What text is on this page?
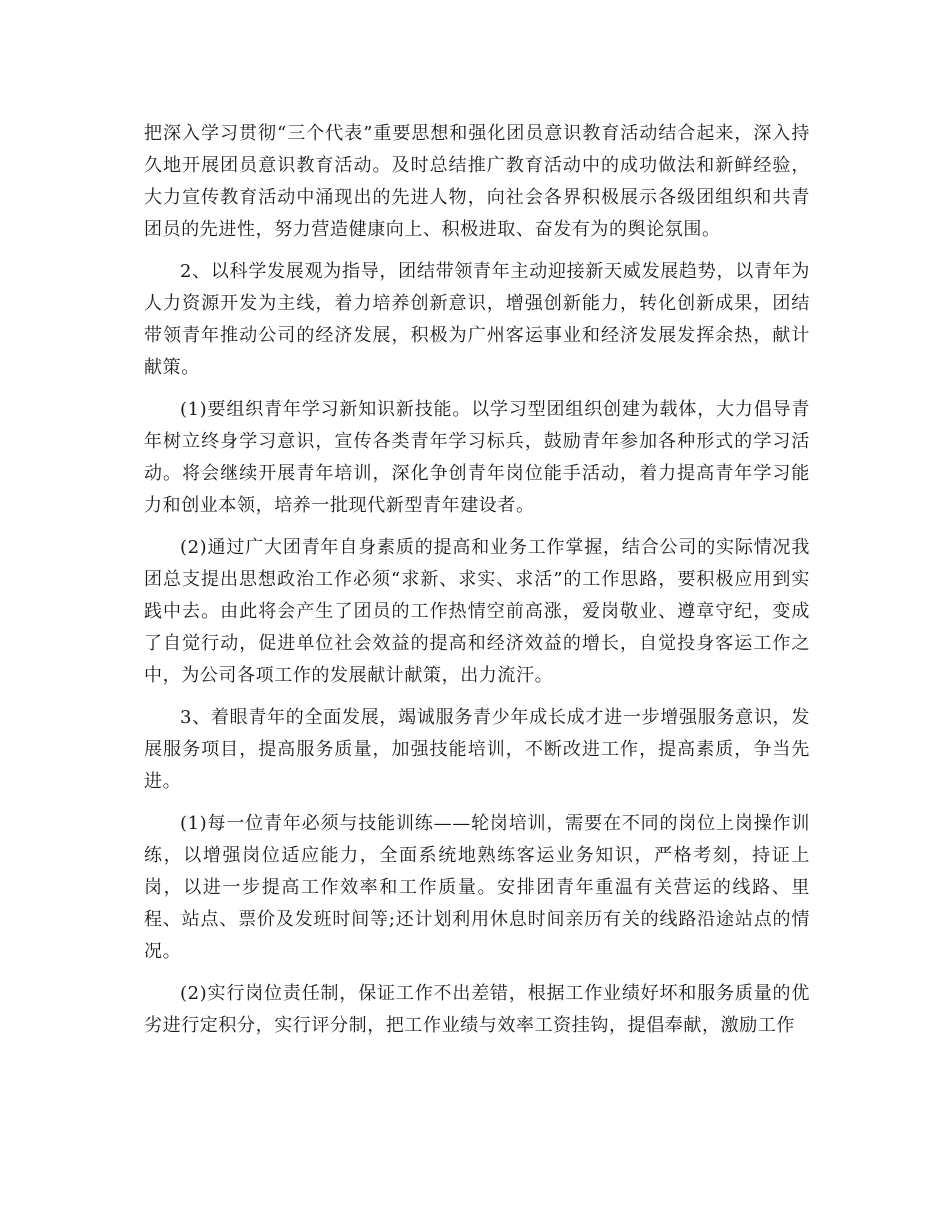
把深入学习贯彻“三个代表”重要思想和强化团员意识教育活动结合起来，深入持久地开展团员意识教育活动。及时总结推广教育活动中的成功做法和新鲜经验，大力宣传教育活动中涌现出的先进人物，向社会各界积极展示各级团组织和共青团员的先进性，努力营造健康向上、积极进取、奋发有为的舆论氛围。

2、以科学发展观为指导，团结带领青年主动迎接新天威发展趋势，以青年为人力资源开发为主线，着力培养创新意识，增强创新能力，转化创新成果，团结带领青年推动公司的经济发展，积极为广州客运事业和经济发展发挥余热，献计献策。

(1)要组织青年学习新知识新技能。以学习型团组织创建为载体，大力倡导青年树立终身学习意识，宣传各类青年学习标兵，鼓励青年参加各种形式的学习活动。将会继续开展青年培训，深化争创青年岗位能手活动，着力提高青年学习能力和创业本领，培养一批现代新型青年建设者。

(2)通过广大团青年自身素质的提高和业务工作掌握，结合公司的实际情况我团总支提出思想政治工作必须“求新、求实、求活”的工作思路，要积极应用到实践中去。由此将会产生了团员的工作热情空前高涨，爱岗敬业、遵章守纪，变成了自觉行动，促进单位社会效益的提高和经济效益的增长，自觉投身客运工作之中，为公司各项工作的发展献计献策，出力流汗。

3、着眼青年的全面发展，竭诚服务青少年成长成才进一步增强服务意识，发展服务项目，提高服务质量，加强技能培训，不断改进工作，提高素质，争当先进。

(1)每一位青年必须与技能训练——轮岗培训，需要在不同的岗位上岗操作训练，以增强岗位适应能力，全面系统地熟练客运业务知识，严格考刻，持证上岗，以进一步提高工作效率和工作质量。安排团青年重温有关营运的线路、里程、站点、票价及发班时间等;还计划利用休息时间亲历有关的线路沿途站点的情况。

(2)实行岗位责任制，保证工作不出差错，根据工作业绩好坏和服务质量的优劣进行定积分，实行评分制，把工作业绩与效率工资挂钩，提倡奉献，激励工作
